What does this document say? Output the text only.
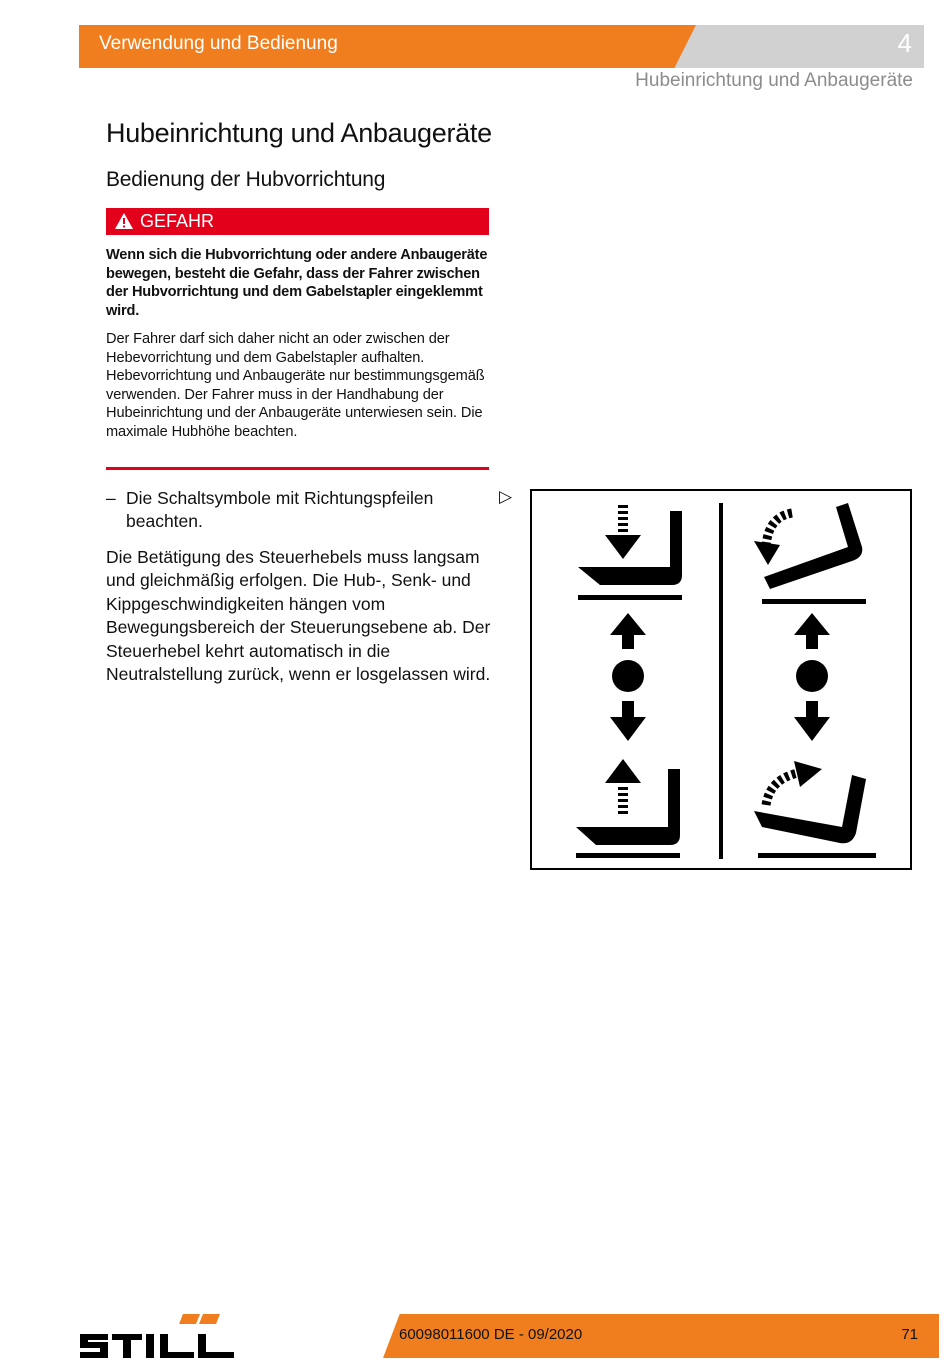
Verwendung und Bedienung	4
Hubeinrichtung und Anbaugeräte
Hubeinrichtung und Anbaugeräte
Bedienung der Hubvorrichtung
GEFAHR
Wenn sich die Hubvorrichtung oder andere Anbaugeräte bewegen, besteht die Gefahr, dass der Fahrer zwischen der Hubvorrichtung und dem Gabelstapler eingeklemmt wird.
Der Fahrer darf sich daher nicht an oder zwischen der Hebevorrichtung und dem Gabelstapler aufhalten. Hebevorrichtung und Anbaugeräte nur bestimmungsgemäß verwenden. Der Fahrer muss in der Handhabung der Hubeinrichtung und der Anbaugeräte unterwiesen sein. Die maximale Hubhöhe beachten.
– Die Schaltsymbole mit Richtungspfeilen beachten.
▷
Die Betätigung des Steuerhebels muss langsam und gleichmäßig erfolgen. Die Hub-, Senk- und Kippgeschwindigkeiten hängen vom Bewegungsbereich der Steuerungsebene ab. Der Steuerhebel kehrt automatisch in die Neutralstellung zurück, wenn er losgelassen wird.
60098011600 DE - 09/2020	71
